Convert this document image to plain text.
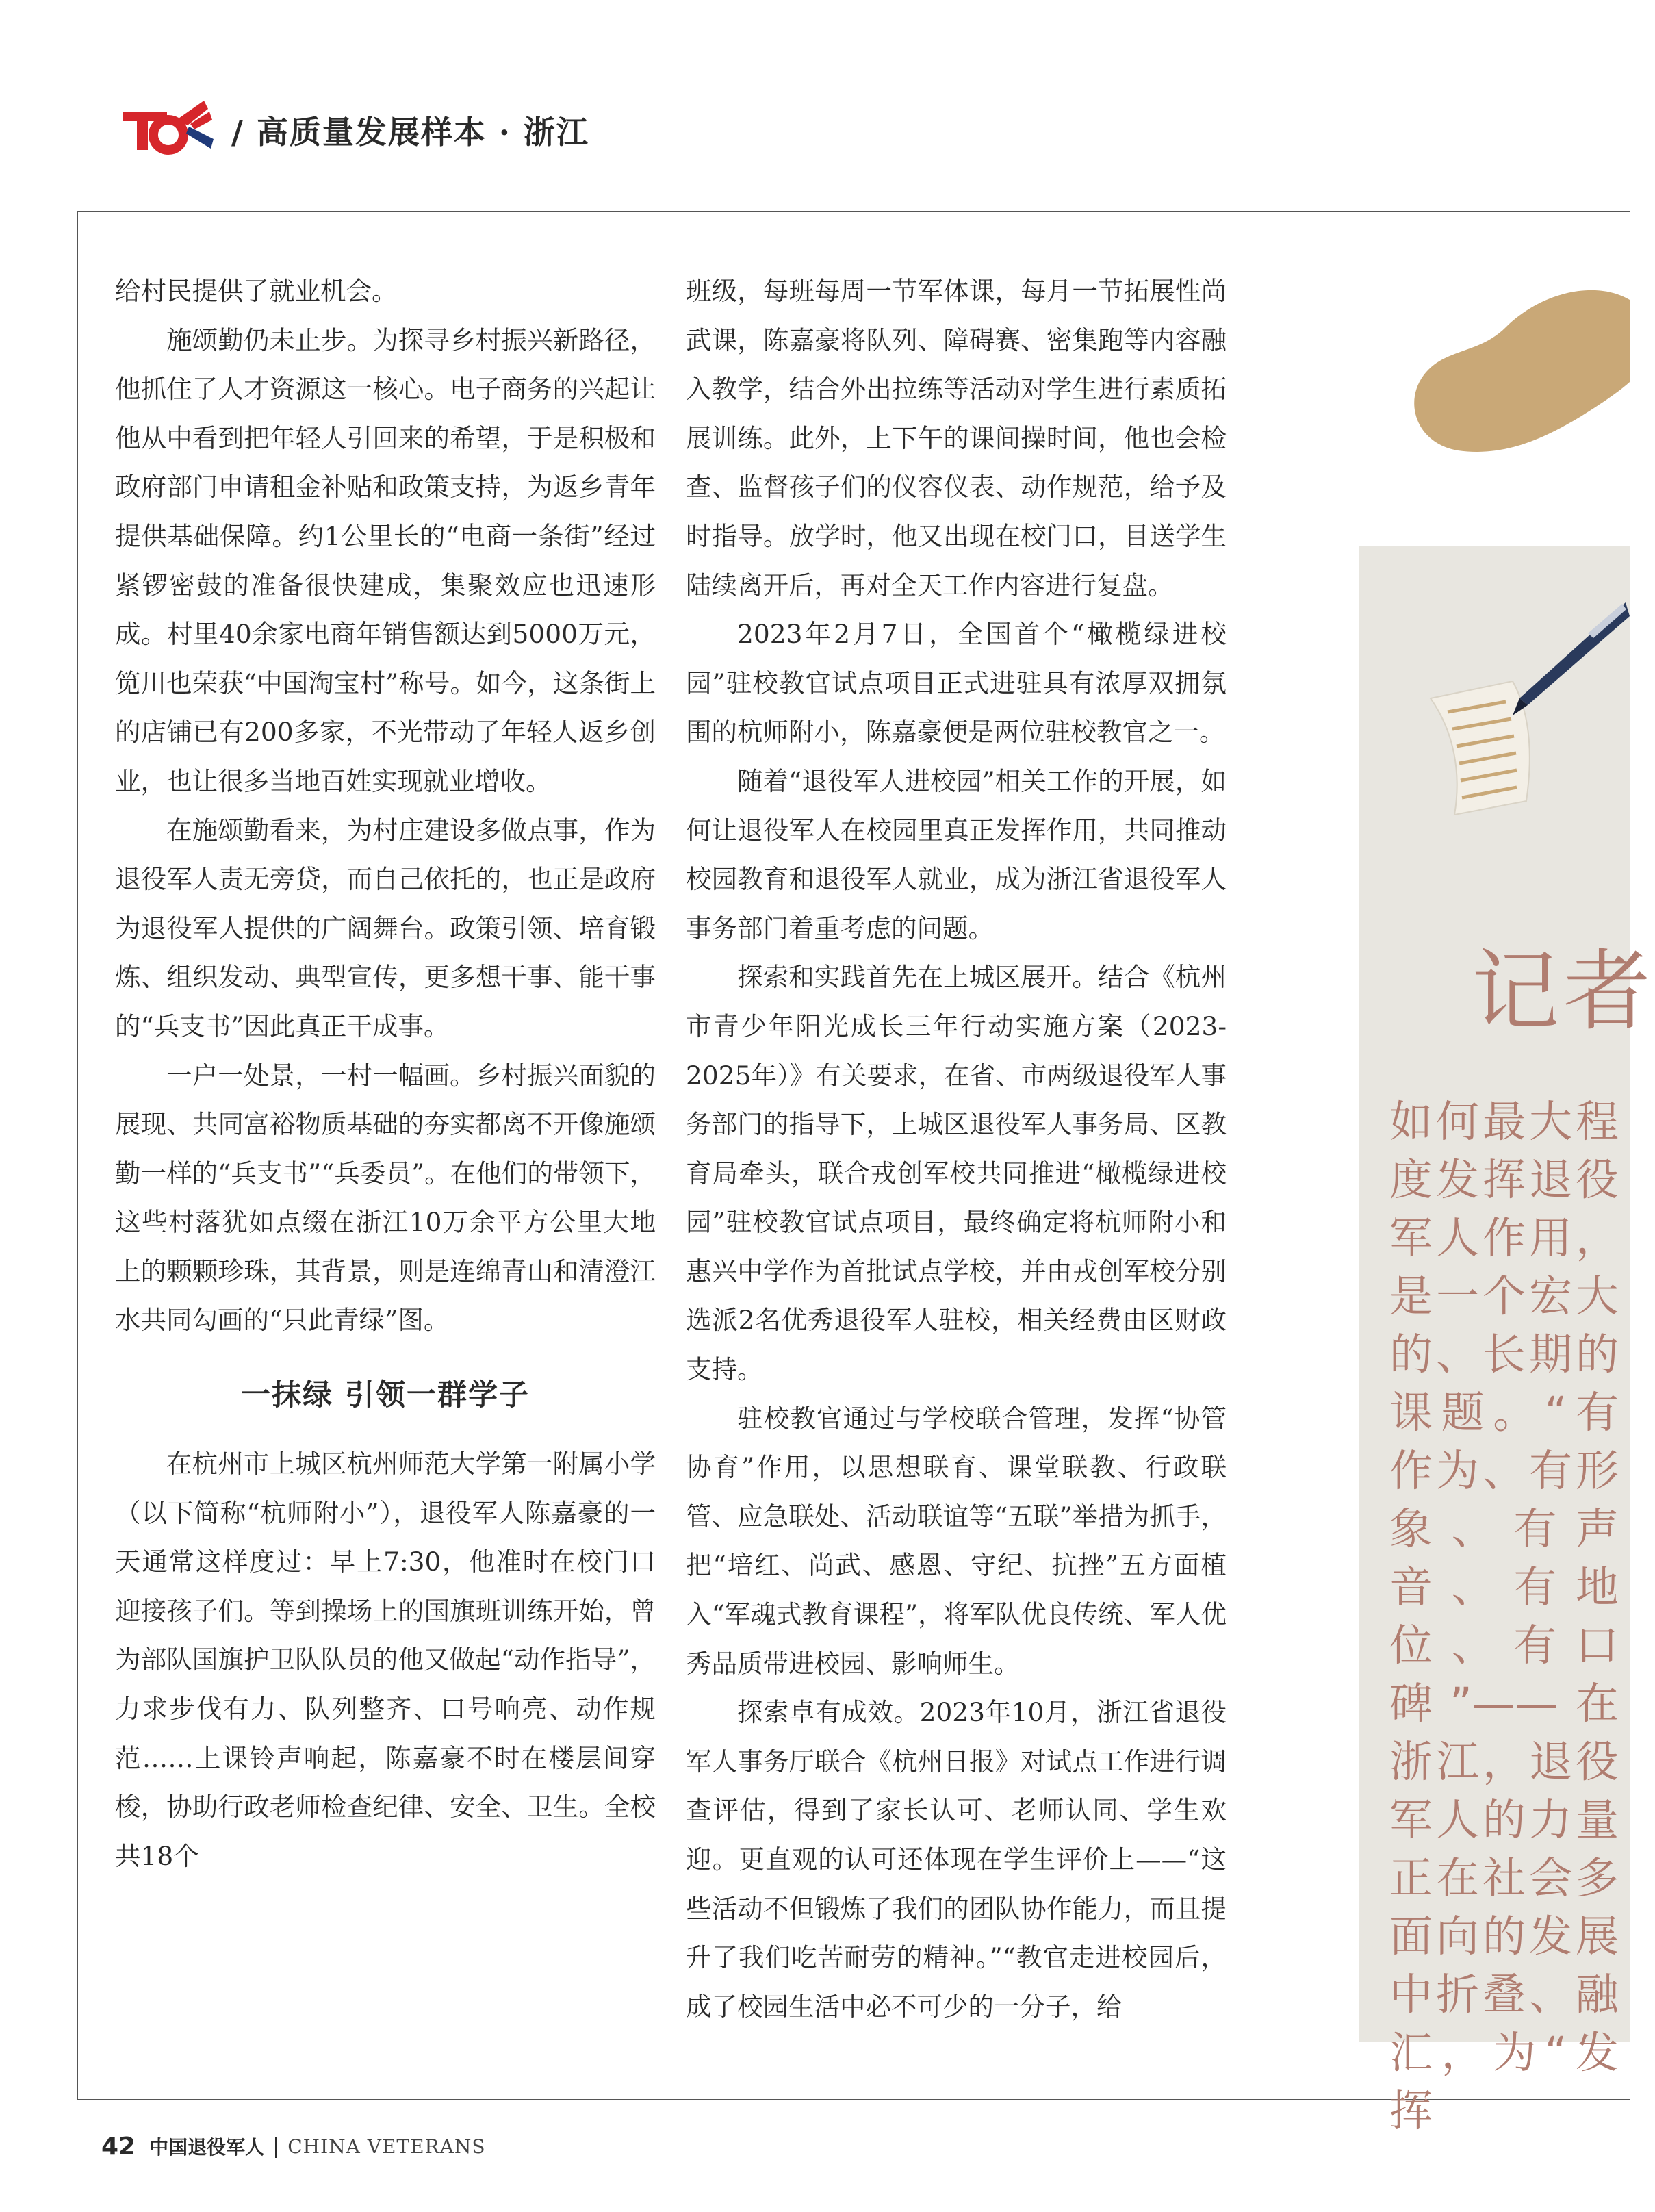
/ 高质量发展样本 · 浙江

给村民提供了就业机会。

施颂勤仍未止步。为探寻乡村振兴新路径，他抓住了人才资源这一核心。电子商务的兴起让他从中看到把年轻人引回来的希望，于是积极和政府部门申请租金补贴和政策支持，为返乡青年提供基础保障。约1公里长的“电商一条街”经过紧锣密鼓的准备很快建成，集聚效应也迅速形成。村里40余家电商年销售额达到5000万元，笕川也荣获“中国淘宝村”称号。如今，这条街上的店铺已有200多家，不光带动了年轻人返乡创业，也让很多当地百姓实现就业增收。

在施颂勤看来，为村庄建设多做点事，作为退役军人责无旁贷，而自己依托的，也正是政府为退役军人提供的广阔舞台。政策引领、培育锻炼、组织发动、典型宣传，更多想干事、能干事的“兵支书”因此真正干成事。

一户一处景，一村一幅画。乡村振兴面貌的展现、共同富裕物质基础的夯实都离不开像施颂勤一样的“兵支书”“兵委员”。在他们的带领下，这些村落犹如点缀在浙江10万余平方公里大地上的颗颗珍珠，其背景，则是连绵青山和清澄江水共同勾画的“只此青绿”图。

一抹绿 引领一群学子

在杭州市上城区杭州师范大学第一附属小学（以下简称“杭师附小”），退役军人陈嘉豪的一天通常这样度过：早上7:30，他准时在校门口迎接孩子们。等到操场上的国旗班训练开始，曾为部队国旗护卫队队员的他又做起“动作指导”，力求步伐有力、队列整齐、口号响亮、动作规范……上课铃声响起，陈嘉豪不时在楼层间穿梭，协助行政老师检查纪律、安全、卫生。全校共18个

班级，每班每周一节军体课，每月一节拓展性尚武课，陈嘉豪将队列、障碍赛、密集跑等内容融入教学，结合外出拉练等活动对学生进行素质拓展训练。此外，上下午的课间操时间，他也会检查、监督孩子们的仪容仪表、动作规范，给予及时指导。放学时，他又出现在校门口，目送学生陆续离开后，再对全天工作内容进行复盘。

2023年2月7日，全国首个“橄榄绿进校园”驻校教官试点项目正式进驻具有浓厚双拥氛围的杭师附小，陈嘉豪便是两位驻校教官之一。

随着“退役军人进校园”相关工作的开展，如何让退役军人在校园里真正发挥作用，共同推动校园教育和退役军人就业，成为浙江省退役军人事务部门着重考虑的问题。

探索和实践首先在上城区展开。结合《杭州市青少年阳光成长三年行动实施方案（2023-2025年）》有关要求，在省、市两级退役军人事务部门的指导下，上城区退役军人事务局、区教育局牵头，联合戎创军校共同推进“橄榄绿进校园”驻校教官试点项目，最终确定将杭师附小和惠兴中学作为首批试点学校，并由戎创军校分别选派2名优秀退役军人驻校，相关经费由区财政支持。

驻校教官通过与学校联合管理，发挥“协管协育”作用，以思想联育、课堂联教、行政联管、应急联处、活动联谊等“五联”举措为抓手，把“培红、尚武、感恩、守纪、抗挫”五方面植入“军魂式教育课程”，将军队优良传统、军人优秀品质带进校园、影响师生。

探索卓有成效。2023年10月，浙江省退役军人事务厅联合《杭州日报》对试点工作进行调查评估，得到了家长认可、老师认同、学生欢迎。更直观的认可还体现在学生评价上——“这些活动不但锻炼了我们的团队协作能力，而且提升了我们吃苦耐劳的精神。”“教官走进校园后，成了校园生活中必不可少的一分子，给

记者
如何最大程度发挥退役军人作用，是一个宏大的、长期的课题。“有作为、有形象、有声音、有地位、有口碑”——在浙江，退役军人的力量正在社会多面向的发展中折叠、融汇，为“发挥
42 中国退役军人 | CHINA VETERANS
